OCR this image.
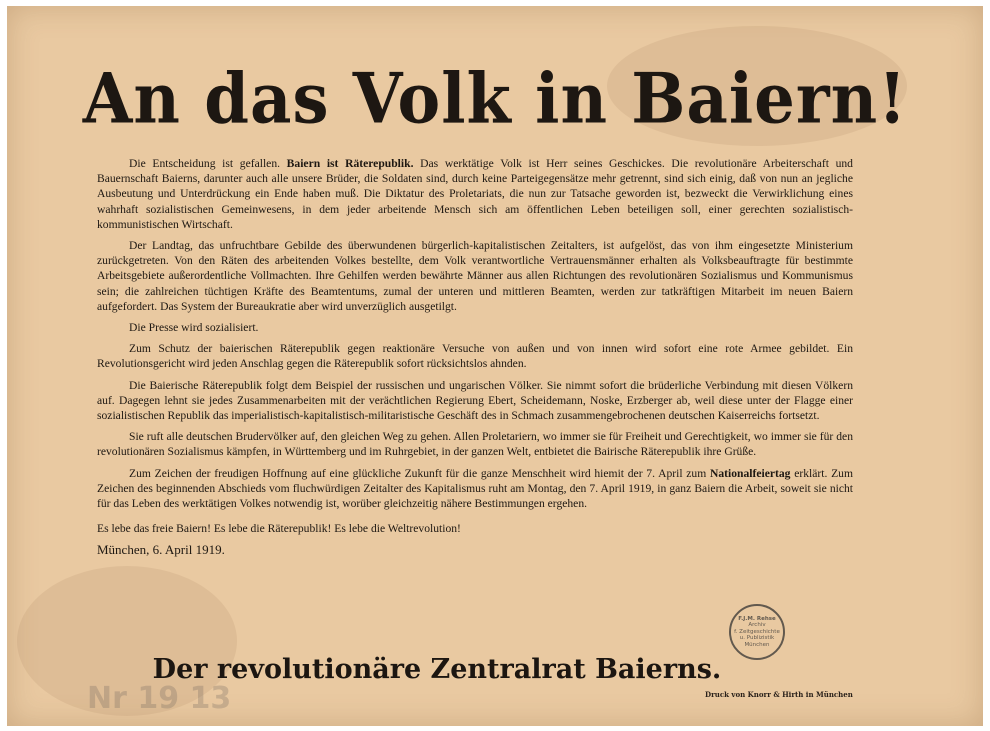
An das Volk in Baiern!

Die Entscheidung ist gefallen. Baiern ist Räterepublik. Das werktätige Volk ist Herr seines Geschickes. Die revolutionäre Arbeiterschaft und Bauernschaft Baierns, darunter auch alle unsere Brüder, die Soldaten sind, durch keine Parteigegensätze mehr getrennt, sind sich einig, daß von nun an jegliche Ausbeutung und Unterdrückung ein Ende haben muß. Die Diktatur des Proletariats, die nun zur Tatsache geworden ist, bezweckt die Verwirklichung eines wahrhaft sozialistischen Gemeinwesens, in dem jeder arbeitende Mensch sich am öffentlichen Leben beteiligen soll, einer gerechten sozialistisch-kommunistischen Wirtschaft.

Der Landtag, das unfruchtbare Gebilde des überwundenen bürgerlich-kapitalistischen Zeitalters, ist aufgelöst, das von ihm eingesetzte Ministerium zurückgetreten. Von den Räten des arbeitenden Volkes bestellte, dem Volk verantwortliche Vertrauensmänner erhalten als Volksbeauftragte für bestimmte Arbeitsgebiete außerordentliche Vollmachten. Ihre Gehilfen werden bewährte Männer aus allen Richtungen des revolutionären Sozialismus und Kommunismus sein; die zahlreichen tüchtigen Kräfte des Beamtentums, zumal der unteren und mittleren Beamten, werden zur tatkräftigen Mitarbeit im neuen Baiern aufgefordert. Das System der Bureaukratie aber wird unverzüglich ausgetilgt.

Die Presse wird sozialisiert.

Zum Schutz der baierischen Räterepublik gegen reaktionäre Versuche von außen und von innen wird sofort eine rote Armee gebildet. Ein Revolutionsgericht wird jeden Anschlag gegen die Räterepublik sofort rücksichtslos ahnden.

Die Baierische Räterepublik folgt dem Beispiel der russischen und ungarischen Völker. Sie nimmt sofort die brüderliche Verbindung mit diesen Völkern auf. Dagegen lehnt sie jedes Zusammenarbeiten mit der verächtlichen Regierung Ebert, Scheidemann, Noske, Erzberger ab, weil diese unter der Flagge einer sozialistischen Republik das imperialistisch-kapitalistisch-militaristische Geschäft des in Schmach zusammengebrochenen deutschen Kaiserreichs fortsetzt.

Sie ruft alle deutschen Brudervölker auf, den gleichen Weg zu gehen. Allen Proletariern, wo immer sie für Freiheit und Gerechtigkeit, wo immer sie für den revolutionären Sozialismus kämpfen, in Württemberg und im Ruhrgebiet, in der ganzen Welt, entbietet die Bairische Räterepublik ihre Grüße.

Zum Zeichen der freudigen Hoffnung auf eine glückliche Zukunft für die ganze Menschheit wird hiemit der 7. April zum Nationalfeiertag erklärt. Zum Zeichen des beginnenden Abschieds vom fluchwürdigen Zeitalter des Kapitalismus ruht am Montag, den 7. April 1919, in ganz Baiern die Arbeit, soweit sie nicht für das Leben des werktätigen Volkes notwendig ist, worüber gleichzeitig nähere Bestimmungen ergehen.

Es lebe das freie Baiern! Es lebe die Räterepublik! Es lebe die Weltrevolution!

München, 6. April 1919.

Der revolutionäre Zentralrat Baierns.
Druck von Knorr & Hirth in München
F.J.M. Rehse
Archiv
f. Zeitgeschichte
u. Publizistik
München
Nr 19 13
